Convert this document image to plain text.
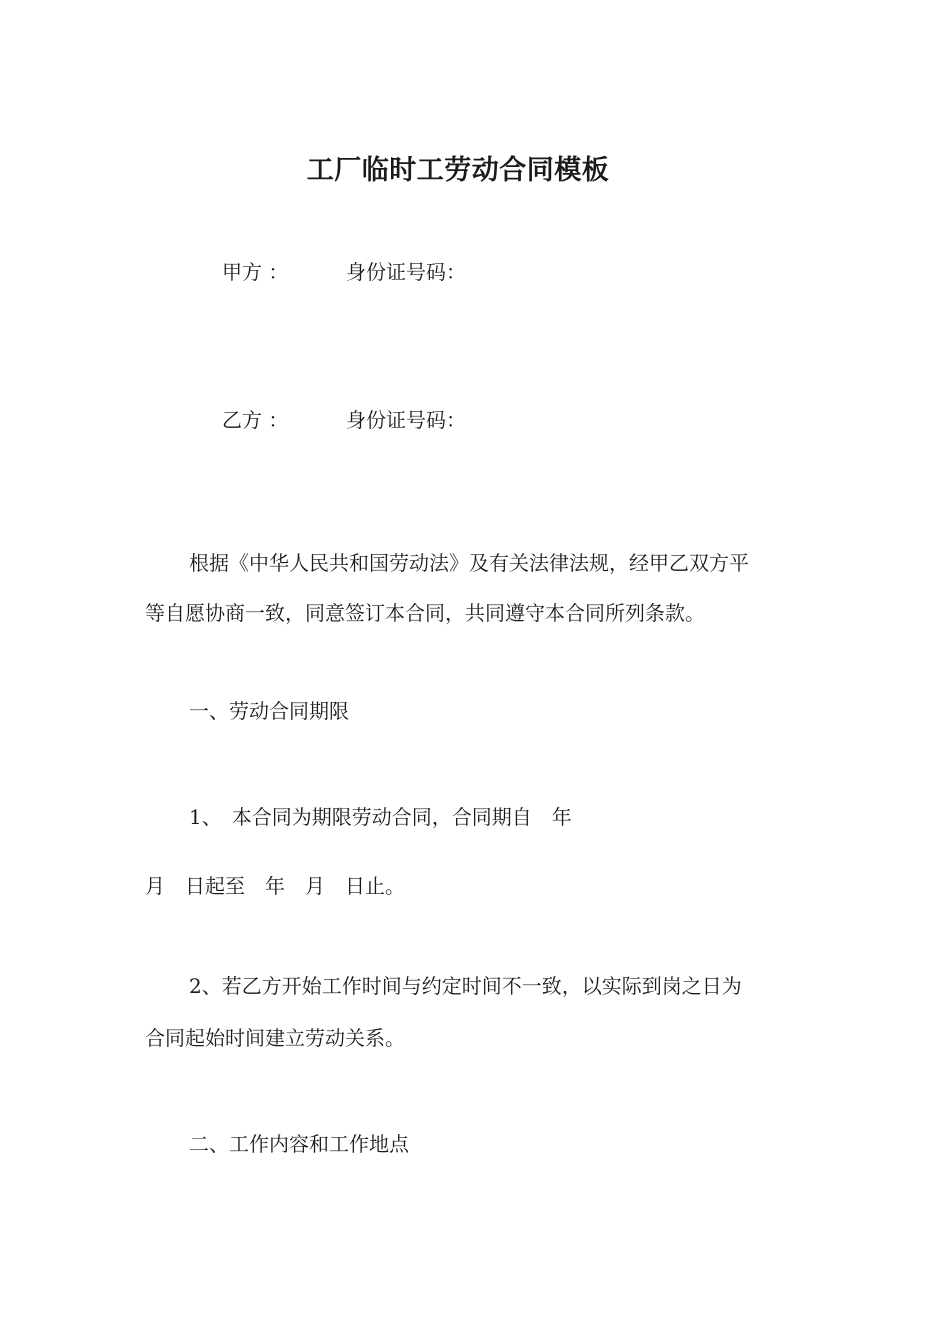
工厂临时工劳动合同模板
甲方 ：	身份证号码：
乙方 ：	身份证号码：
根据《中华人民共和国劳动法》及有关法律法规，经甲乙双方平
等自愿协商一致，同意签订本合同，共同遵守本合同所列条款。
一、劳动合同期限
1、　本合同为期限劳动合同，合同期自　年
月　日起至　年　月　日止。
2、若乙方开始工作时间与约定时间不一致，以实际到岗之日为
合同起始时间建立劳动关系。
二、工作内容和工作地点
